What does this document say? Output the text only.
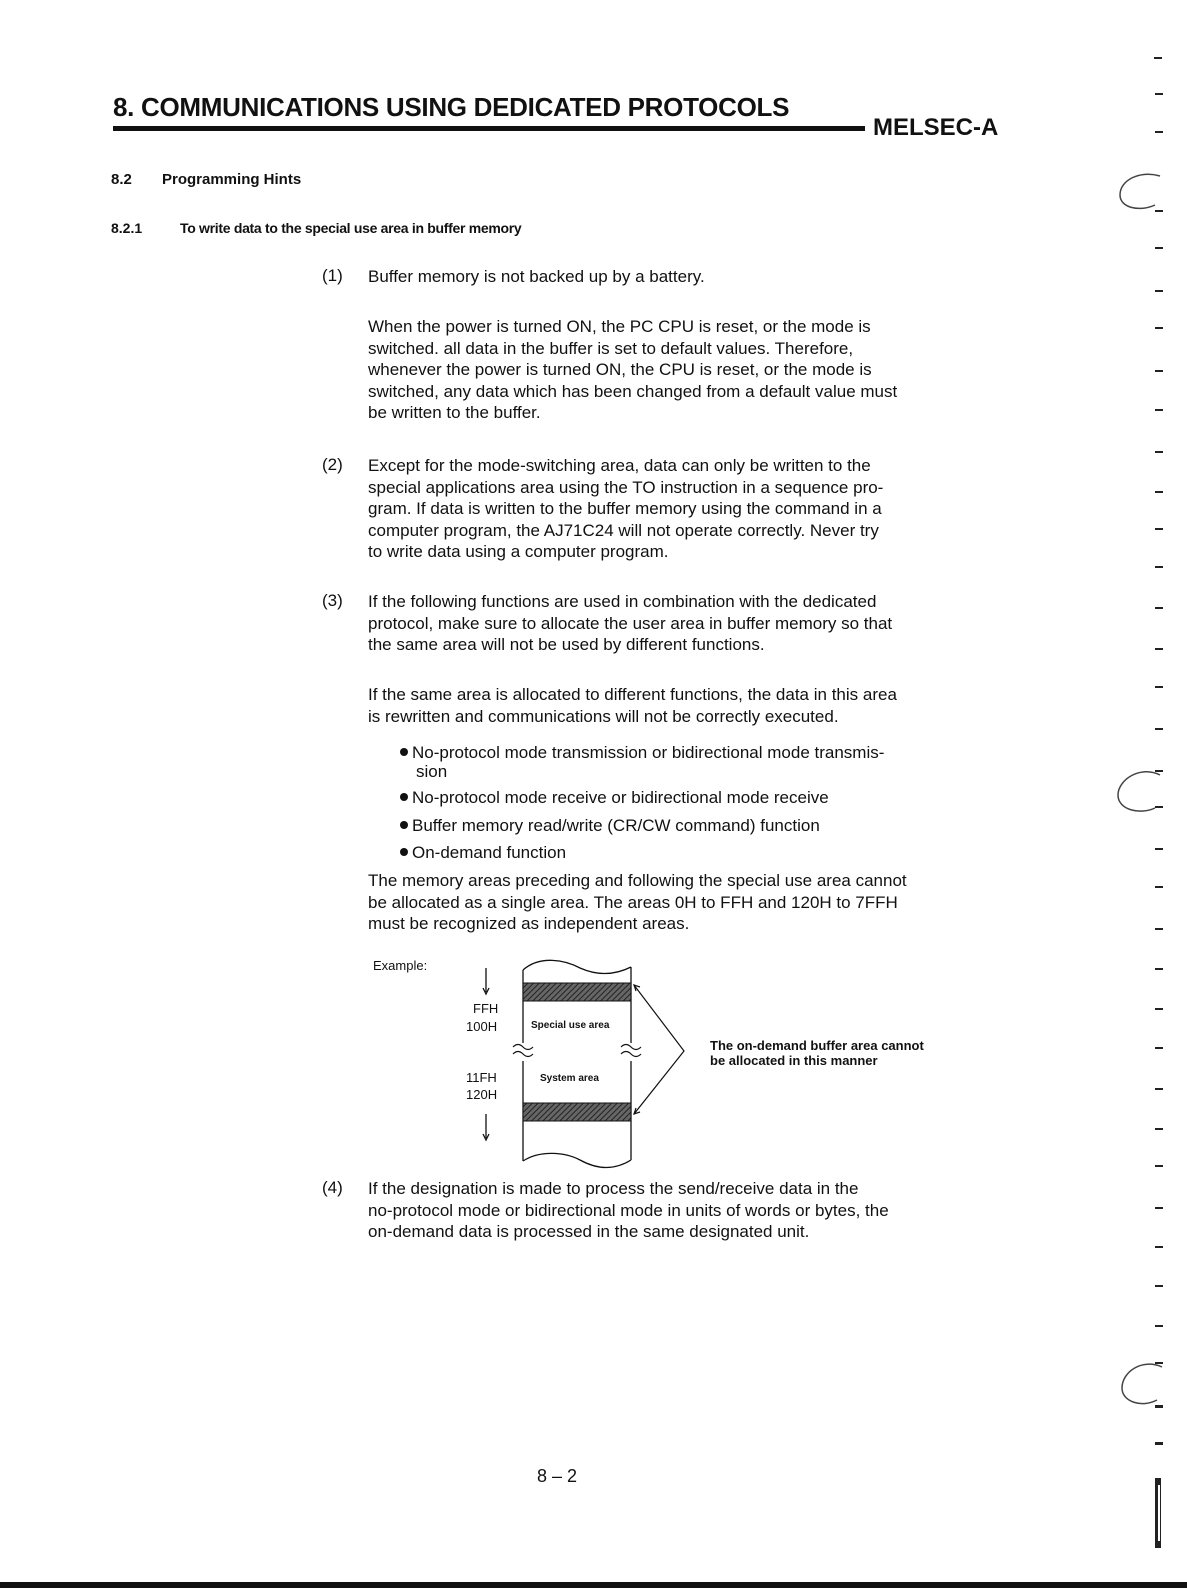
8. COMMUNICATIONS USING DEDICATED PROTOCOLS
MELSEC-A
8.2 Programming Hints
8.2.1	To write data to the special use area in buffer memory
(1) Buffer memory is not backed up by a battery.
When the power is turned ON, the PC CPU is reset, or the mode is
switched. all data in the buffer is set to default values. Therefore,
whenever the power is turned ON, the CPU is reset, or the mode is
switched, any data which has been changed from a default value must
be written to the buffer.
(2) Except for the mode-switching area, data can only be written to the
special applications area using the TO instruction in a sequence pro-
gram. If data is written to the buffer memory using the command in a
computer program, the AJ71C24 will not operate correctly. Never try
to write data using a computer program.
(3) If the following functions are used in combination with the dedicated
protocol, make sure to allocate the user area in buffer memory so that
the same area will not be used by different functions.
If the same area is allocated to different functions, the data in this area
is rewritten and communications will not be correctly executed.
No-protocol mode transmission or bidirectional mode transmis-
sion
No-protocol mode receive or bidirectional mode receive
Buffer memory read/write (CR/CW command) function
On-demand function
The memory areas preceding and following the special use area cannot
be allocated as a single area. The areas 0H to FFH and 120H to 7FFH
must be recognized as independent areas.
Example:
FFH
100H
11FH
120H
Special use area
System area
The on-demand buffer area cannot
be allocated in this manner
(4) If the designation is made to process the send/receive data in the
no-protocol mode or bidirectional mode in units of words or bytes, the
on-demand data is processed in the same designated unit.
8 – 2
